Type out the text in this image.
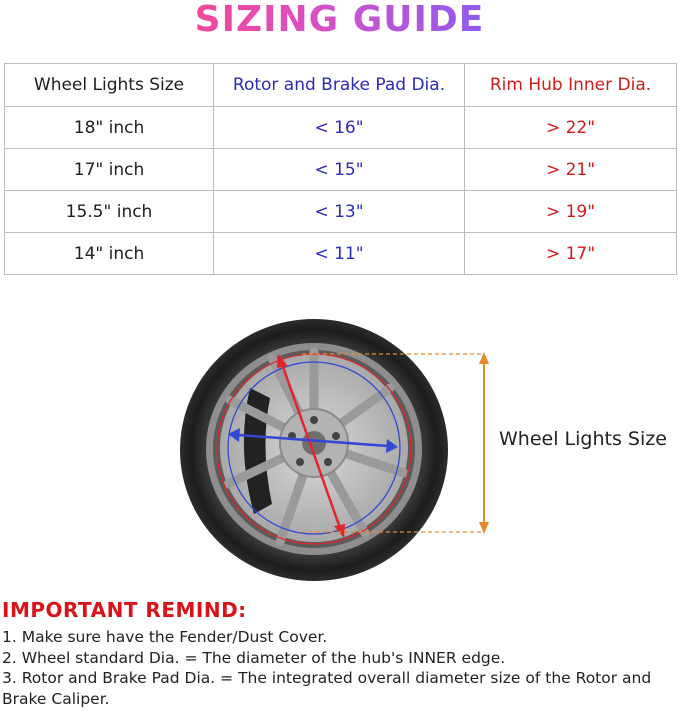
SIZING GUIDE
Wheel Lights Size	Rotor and Brake Pad Dia.	Rim Hub Inner Dia.
18" inch	< 16"	> 22"
17" inch	< 15"	> 21"
15.5" inch	< 13"	> 19"
14" inch	< 11"	> 17"
Wheel Lights Size
IMPORTANT REMIND:
1. Make sure have the Fender/Dust Cover.
2. Wheel standard Dia. = The diameter of the hub's INNER edge.
3. Rotor and Brake Pad Dia. = The integrated overall diameter size of the Rotor and Brake Caliper.
